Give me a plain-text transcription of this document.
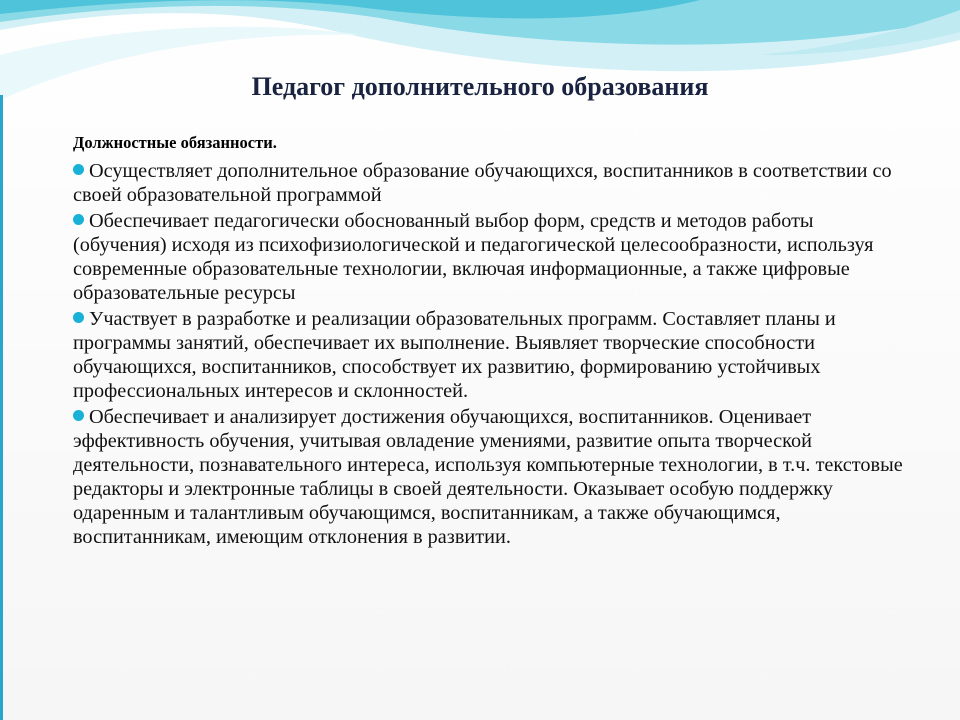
Педагог дополнительного образования

Должностные обязанности.

Осуществляет дополнительное образование обучающихся, воспитанников в соответствии со своей образовательной программой
Обеспечивает педагогически обоснованный выбор форм, средств и методов работы (обучения) исходя из психофизиологической и педагогической целесообразности, используя современные образовательные технологии, включая информационные, а также цифровые образовательные ресурсы
Участвует в разработке и реализации образовательных программ. Составляет планы и программы занятий, обеспечивает их выполнение. Выявляет творческие способности обучающихся, воспитанников, способствует их развитию, формированию устойчивых профессиональных интересов и склонностей.
Обеспечивает и анализирует достижения обучающихся, воспитанников. Оценивает эффективность обучения, учитывая овладение умениями, развитие опыта творческой деятельности, познавательного интереса, используя компьютерные технологии, в т.ч. текстовые редакторы и электронные таблицы в своей деятельности. Оказывает особую поддержку одаренным и талантливым обучающимся, воспитанникам, а также обучающимся, воспитанникам, имеющим отклонения в развитии.
